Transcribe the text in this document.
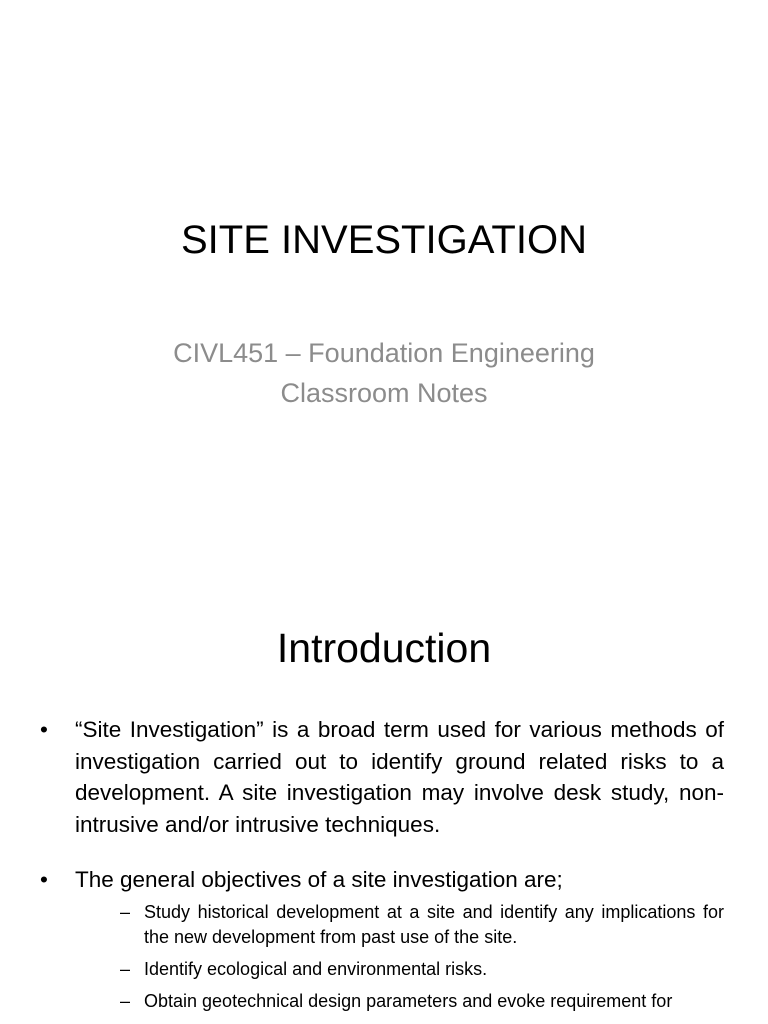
SITE INVESTIGATION
CIVL451 – Foundation Engineering
Classroom Notes
Introduction
• “Site Investigation” is a broad term used for various methods of investigation carried out to identify ground related risks to a development. A site investigation may involve desk study, non-intrusive and/or intrusive techniques.
• The general objectives of a site investigation are;
– Study historical development at a site and identify any implications for the new development from past use of the site.
– Identify ecological and environmental risks.
– Obtain geotechnical design parameters and evoke requirement for
